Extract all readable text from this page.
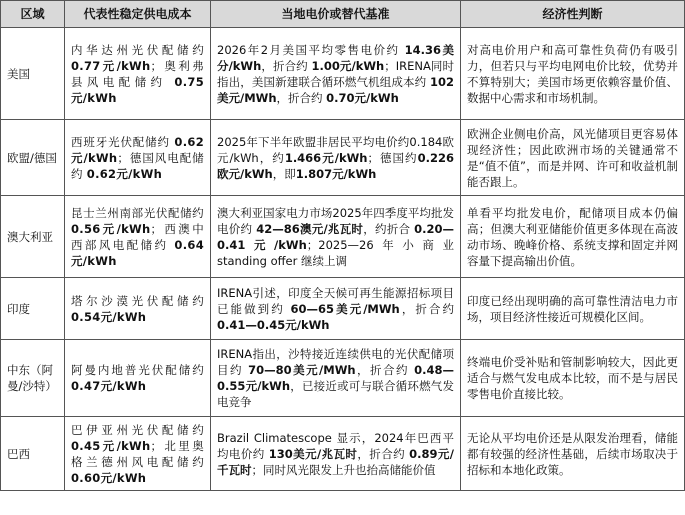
区域	代表性稳定供电成本	当地电价或替代基准	经济性判断
美国	内华达州光伏配储约 0.77元/kWh；奥利弗县风电配储约 0.75元/kWh	2026年2月美国平均零售电价约 14.36美分/kWh，折合约 1.00元/kWh；IRENA同时指出，美国新建联合循环燃气机组成本约 102美元/MWh，折合约 0.70元/kWh	对高电价用户和高可靠性负荷仍有吸引力，但若只与平均电网电价比较，优势并不算特别大；美国市场更依赖容量价值、数据中心需求和市场机制。
欧盟/德国	西班牙光伏配储约 0.62元/kWh；德国风电配储约 0.62元/kWh	2025年下半年欧盟非居民平均电价约0.184欧元/kWh，约1.466元/kWh；德国约0.226欧元/kWh，即1.807元/kWh	欧洲企业侧电价高，风光储项目更容易体现经济性；因此欧洲市场的关键通常不是“值不值”，而是并网、许可和收益机制能否跟上。
澳大利亚	昆士兰州南部光伏配储约 0.56元/kWh；西澳中西部风电配储约 0.64元/kWh	澳大利亚国家电力市场2025年四季度平均批发电价约 42—86澳元/兆瓦时，约折合 0.20—0.41元/kWh；2025—26年小商业 standing offer 继续上调	单看平均批发电价，配储项目成本仍偏高；但澳大利亚储能价值更多体现在高波动市场、晚峰价格、系统支撑和固定并网容量下提高输出价值。
印度	塔尔沙漠光伏配储约 0.54元/kWh	IRENA引述，印度全天候可再生能源招标项目已能做到约 60—65美元/MWh，折合约 0.41—0.45元/kWh	印度已经出现明确的高可靠性清洁电力市场，项目经济性接近可规模化区间。
中东（阿曼/沙特）	阿曼内地普光伏配储约 0.47元/kWh	IRENA指出，沙特接近连续供电的光伏配储项目约 70—80美元/MWh，折合约 0.48—0.55元/kWh，已接近或可与联合循环燃气发电竞争	终端电价受补贴和管制影响较大，因此更适合与燃气发电成本比较，而不是与居民零售电价直接比较。
巴西	巴伊亚州光伏配储约 0.45元/kWh；北里奥格兰德州风电配储约 0.60元/kWh	Brazil Climatescope 显示，2024年巴西平均电价约 130美元/兆瓦时，折合约 0.89元/千瓦时；同时风光限发上升也抬高储能价值	无论从平均电价还是从限发治理看，储能都有较强的经济性基础，后续市场取决于招标和本地化政策。
